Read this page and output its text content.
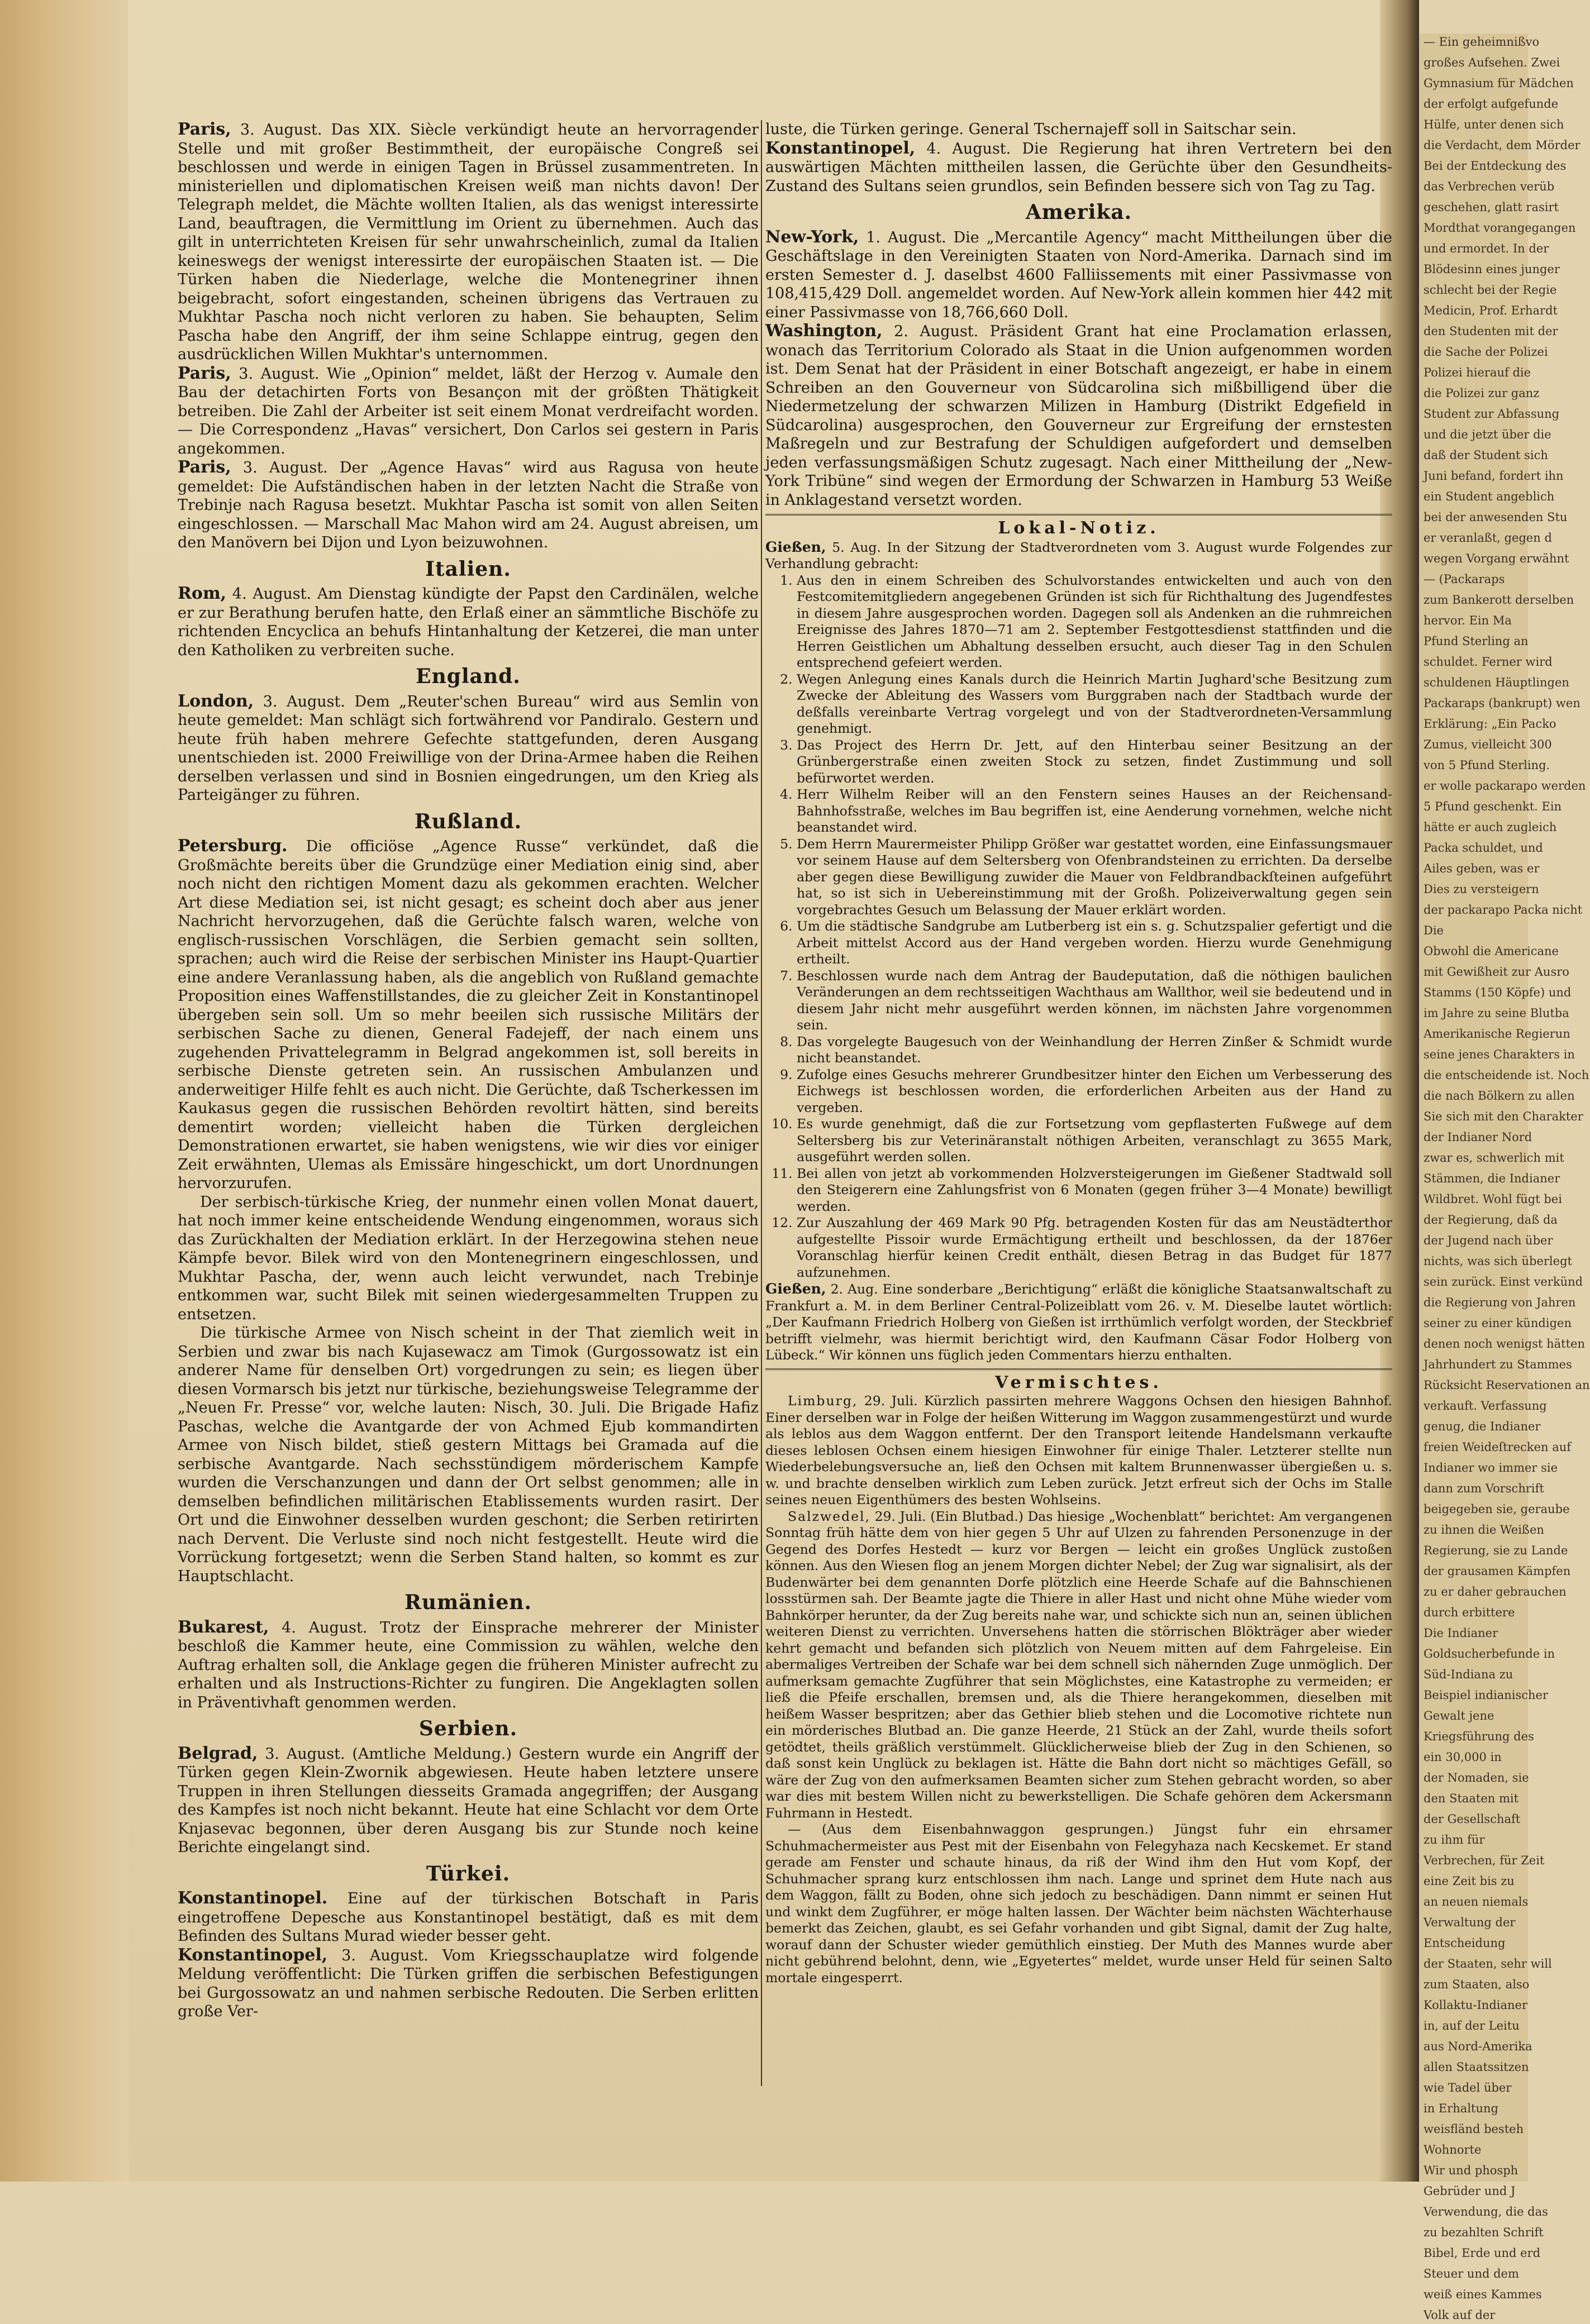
— Ein geheimnißvo

großes Aufsehen. Zwei

Gymnasium für Mädchen

der erfolgt aufgefunde

Hülfe, unter denen sich

die Verdacht, dem Mörder

Bei der Entdeckung des

das Verbrechen verüb

geschehen, glatt rasirt

Mordthat vorangegangen

und ermordet. In der

Blödesinn eines junger

schlecht bei der Regie

Medicin, Prof. Erhardt

den Studenten mit der

die Sache der Polizei

Polizei hierauf die

die Polizei zur ganz

Student zur Abfassung

und die jetzt über die

daß der Student sich

Juni befand, fordert ihn

ein Student angeblich

bei der anwesenden Stu

er veranlaßt, gegen d

wegen Vorgang erwähnt

— (Packaraps

zum Bankerott derselben

hervor. Ein Ma

Pfund Sterling an

schuldet. Ferner wird

schuldenen Häuptlingen

Packaraps (bankrupt) wen

Erklärung: „Ein Packo

Zumus, vielleicht 300

von 5 Pfund Sterling.

er wolle packarapo werden

5 Pfund geschenkt. Ein

hätte er auch zugleich

Packa schuldet, und

Ailes geben, was er

Dies zu versteigern

der packarapo Packa nicht

Die

Obwohl die Americane

mit Gewißheit zur Ausro

Stamms (150 Köpfe) und

im Jahre zu seine Blutba

Amerikanische Regierun

seine jenes Charakters in

die entscheidende ist. Noch

die nach Bölkern zu allen

Sie sich mit den Charakter

der Indianer Nord

zwar es, schwerlich mit

Stämmen, die Indianer

Wildbret. Wohl fügt bei

der Regierung, daß da

der Jugend nach über

nichts, was sich überlegt

sein zurück. Einst verkünd

die Regierung von Jahren

seiner zu einer kündigen

denen noch wenigst hätten

Jahrhundert zu Stammes

Rücksicht Reservationen an

verkauft. Verfassung

genug, die Indianer

freien Weideſtrecken auf

Indianer wo immer sie

dann zum Vorschrift

beigegeben sie, geraube

zu ihnen die Weißen

Regierung, sie zu Lande

der grausamen Kämpfen

zu er daher gebrauchen

durch erbittere

Die Indianer

Goldsucherbefunde in

Süd-Indiana zu

Beispiel indianischer

Gewalt jene

Kriegsführung des

ein 30,000 in

der Nomaden, sie

den Staaten mit

der Gesellschaft

zu ihm für

Verbrechen, für Zeit

eine Zeit bis zu

an neuen niemals

Verwaltung der

Entscheidung

der Staaten, sehr will

zum Staaten, also

Kollaktu-Indianer

in, auf der Leitu

aus Nord-Amerika

allen Staatssitzen

wie Tadel über

in Erhaltung

weisfländ besteh

Wohnorte

Wir und phosph

Gebrüder und J

Verwendung, die das

zu bezahlten Schrift

Bibel, Erde und erd

Steuer und dem

weiß eines Kammes

Volk auf der

Paris, 3. August. Das XIX. Siècle verkündigt heute an hervorragender Stelle und mit großer Bestimmtheit, der europäische Congreß sei beschlossen und werde in einigen Tagen in Brüssel zusammentreten. In ministeriellen und diplomatischen Kreisen weiß man nichts davon! Der Telegraph meldet, die Mächte wollten Italien, als das wenigst interessirte Land, beauftragen, die Vermittlung im Orient zu übernehmen. Auch das gilt in unterrichteten Kreisen für sehr unwahrscheinlich, zumal da Italien keineswegs der wenigst interessirte der europäischen Staaten ist. — Die Türken haben die Niederlage, welche die Montenegriner ihnen beigebracht, sofort eingestanden, scheinen übrigens das Vertrauen zu Mukhtar Pascha noch nicht verloren zu haben. Sie behaupten, Selim Pascha habe den Angriff, der ihm seine Schlappe eintrug, gegen den ausdrücklichen Willen Mukhtar's unternommen.

Paris, 3. August. Wie „Opinion“ meldet, läßt der Herzog v. Aumale den Bau der detachirten Forts von Besançon mit der größten Thätigkeit betreiben. Die Zahl der Arbeiter ist seit einem Monat verdreifacht worden. — Die Correspondenz „Havas“ versichert, Don Carlos sei gestern in Paris angekommen.

Paris, 3. August. Der „Agence Havas“ wird aus Ragusa von heute gemeldet: Die Aufständischen haben in der letzten Nacht die Straße von Trebinje nach Ragusa besetzt. Mukhtar Pascha ist somit von allen Seiten eingeschlossen. — Marschall Mac Mahon wird am 24. August abreisen, um den Manövern bei Dijon und Lyon beizuwohnen.

Italien.

Rom, 4. August. Am Dienstag kündigte der Papst den Cardinälen, welche er zur Berathung berufen hatte, den Erlaß einer an sämmtliche Bischöfe zu richtenden Encyclica an behufs Hintanhaltung der Ketzerei, die man unter den Katholiken zu verbreiten suche.

England.

London, 3. August. Dem „Reuter'schen Bureau“ wird aus Semlin von heute gemeldet: Man schlägt sich fortwährend vor Pandiralo. Gestern und heute früh haben mehrere Gefechte stattgefunden, deren Ausgang unentschieden ist. 2000 Freiwillige von der Drina-Armee haben die Reihen derselben verlassen und sind in Bosnien eingedrungen, um den Krieg als Parteigänger zu führen.

Rußland.

Petersburg. Die officiöse „Agence Russe“ verkündet, daß die Großmächte bereits über die Grundzüge einer Mediation einig sind, aber noch nicht den richtigen Moment dazu als gekommen erachten. Welcher Art diese Mediation sei, ist nicht gesagt; es scheint doch aber aus jener Nachricht hervorzugehen, daß die Gerüchte falsch waren, welche von englisch-russischen Vorschlägen, die Serbien gemacht sein sollten, sprachen; auch wird die Reise der serbischen Minister ins Haupt-Quartier eine andere Veranlassung haben, als die angeblich von Rußland gemachte Proposition eines Waffenstillstandes, die zu gleicher Zeit in Konstantinopel übergeben sein soll. Um so mehr beeilen sich russische Militärs der serbischen Sache zu dienen, General Fadejeff, der nach einem uns zugehenden Privattelegramm in Belgrad angekommen ist, soll bereits in serbische Dienste getreten sein. An russischen Ambulanzen und anderweitiger Hilfe fehlt es auch nicht. Die Gerüchte, daß Tscherkessen im Kaukasus gegen die russischen Behörden revoltirt hätten, sind bereits dementirt worden; vielleicht haben die Türken dergleichen Demonstrationen erwartet, sie haben wenigstens, wie wir dies vor einiger Zeit erwähnten, Ulemas als Emissäre hingeschickt, um dort Unordnungen hervorzurufen.

Der serbisch-türkische Krieg, der nunmehr einen vollen Monat dauert, hat noch immer keine entscheidende Wendung eingenommen, woraus sich das Zurückhalten der Mediation erklärt. In der Herzegowina stehen neue Kämpfe bevor. Bilek wird von den Montenegrinern eingeschlossen, und Mukhtar Pascha, der, wenn auch leicht verwundet, nach Trebinje entkommen war, sucht Bilek mit seinen wiedergesammelten Truppen zu entsetzen.

Die türkische Armee von Nisch scheint in der That ziemlich weit in Serbien und zwar bis nach Kujasewacz am Timok (Gurgossowatz ist ein anderer Name für denselben Ort) vorgedrungen zu sein; es liegen über diesen Vormarsch bis jetzt nur türkische, beziehungsweise Telegramme der „Neuen Fr. Presse“ vor, welche lauten: Nisch, 30. Juli. Die Brigade Hafiz Paschas, welche die Avantgarde der von Achmed Ejub kommandirten Armee von Nisch bildet, stieß gestern Mittags bei Gramada auf die serbische Avantgarde. Nach sechsstündigem mörderischem Kampfe wurden die Verschanzungen und dann der Ort selbst genommen; alle in demselben befindlichen militärischen Etablissements wurden rasirt. Der Ort und die Einwohner desselben wurden geschont; die Serben retirirten nach Dervent. Die Verluste sind noch nicht festgestellt. Heute wird die Vorrückung fortgesetzt; wenn die Serben Stand halten, so kommt es zur Hauptschlacht.

Rumänien.

Bukarest, 4. August. Trotz der Einsprache mehrerer der Minister beschloß die Kammer heute, eine Commission zu wählen, welche den Auftrag erhalten soll, die Anklage gegen die früheren Minister aufrecht zu erhalten und als Instructions-Richter zu fungiren. Die Angeklagten sollen in Präventivhaft genommen werden.

Serbien.

Belgrad, 3. August. (Amtliche Meldung.) Gestern wurde ein Angriff der Türken gegen Klein-Zwornik abgewiesen. Heute haben letztere unsere Truppen in ihren Stellungen diesseits Gramada angegriffen; der Ausgang des Kampfes ist noch nicht bekannt. Heute hat eine Schlacht vor dem Orte Knjasevac begonnen, über deren Ausgang bis zur Stunde noch keine Berichte eingelangt sind.

Türkei.

Konstantinopel. Eine auf der türkischen Botschaft in Paris eingetroffene Depesche aus Konstantinopel bestätigt, daß es mit dem Befinden des Sultans Murad wieder besser geht.

Konstantinopel, 3. August. Vom Kriegsschauplatze wird folgende Meldung veröffentlicht: Die Türken griffen die serbischen Befestigungen bei Gurgossowatz an und nahmen serbische Redouten. Die Serben erlitten große Ver-

luste, die Türken geringe. General Tschernajeff soll in Saitschar sein.

Konstantinopel, 4. August. Die Regierung hat ihren Vertretern bei den auswärtigen Mächten mittheilen lassen, die Gerüchte über den Gesundheits-Zustand des Sultans seien grundlos, sein Befinden bessere sich von Tag zu Tag.

Amerika.

New-York, 1. August. Die „Mercantile Agency“ macht Mittheilungen über die Geschäftslage in den Vereinigten Staaten von Nord-Amerika. Darnach sind im ersten Semester d. J. daselbst 4600 Falliissements mit einer Passivmasse von 108,415,429 Doll. angemeldet worden. Auf New-York allein kommen hier 442 mit einer Passivmasse von 18,766,660 Doll.

Washington, 2. August. Präsident Grant hat eine Proclamation erlassen, wonach das Territorium Colorado als Staat in die Union aufgenommen worden ist. Dem Senat hat der Präsident in einer Botschaft angezeigt, er habe in einem Schreiben an den Gouverneur von Südcarolina sich mißbilligend über die Niedermetzelung der schwarzen Milizen in Hamburg (Distrikt Edgefield in Südcarolina) ausgesprochen, den Gouverneur zur Ergreifung der ernstesten Maßregeln und zur Bestrafung der Schuldigen aufgefordert und demselben jeden verfassungsmäßigen Schutz zugesagt. Nach einer Mittheilung der „New-York Tribüne“ sind wegen der Ermordung der Schwarzen in Hamburg 53 Weiße in Anklagestand versetzt worden.

Lokal-Notiz.

Gießen, 5. Aug. In der Sitzung der Stadtverordneten vom 3. August wurde Folgendes zur Verhandlung gebracht:

1. Aus den in einem Schreiben des Schulvorstandes entwickelten und auch von den Festcomitemitgliedern angegebenen Gründen ist sich für Richthaltung des Jugendfestes in diesem Jahre ausgesprochen worden. Dagegen soll als Andenken an die ruhmreichen Ereignisse des Jahres 1870—71 am 2. September Festgottesdienst stattfinden und die Herren Geistlichen um Abhaltung desselben ersucht, auch dieser Tag in den Schulen entsprechend gefeiert werden.
2. Wegen Anlegung eines Kanals durch die Heinrich Martin Jughard'sche Besitzung zum Zwecke der Ableitung des Wassers vom Burggraben nach der Stadtbach wurde der deßfalls vereinbarte Vertrag vorgelegt und von der Stadtverordneten-Versammlung genehmigt.
3. Das Project des Herrn Dr. Jett, auf den Hinterbau seiner Besitzung an der Grünbergerstraße einen zweiten Stock zu setzen, findet Zustimmung und soll befürwortet werden.
4. Herr Wilhelm Reiber will an den Fenstern seines Hauses an der Reichensand-Bahnhofsstraße, welches im Bau begriffen ist, eine Aenderung vornehmen, welche nicht beanstandet wird.
5. Dem Herrn Maurermeister Philipp Größer war gestattet worden, eine Einfassungsmauer vor seinem Hause auf dem Seltersberg von Ofenbrandsteinen zu errichten. Da derselbe aber gegen diese Bewilligung zuwider die Mauer von Feldbrandbackſteinen aufgeführt hat, so ist sich in Uebereinstimmung mit der Großh. Polizeiverwaltung gegen sein vorgebrachtes Gesuch um Belassung der Mauer erklärt worden.
6. Um die städtische Sandgrube am Lutberberg ist ein s. g. Schutzspalier gefertigt und die Arbeit mittelst Accord aus der Hand vergeben worden. Hierzu wurde Genehmigung ertheilt.
7. Beschlossen wurde nach dem Antrag der Baudeputation, daß die nöthigen baulichen Veränderungen an dem rechtsseitigen Wachthaus am Wallthor, weil sie bedeutend und in diesem Jahr nicht mehr ausgeführt werden können, im nächsten Jahre vorgenommen sein.
8. Das vorgelegte Baugesuch von der Weinhandlung der Herren Zinßer & Schmidt wurde nicht beanstandet.
9. Zufolge eines Gesuchs mehrerer Grundbesitzer hinter den Eichen um Verbesserung des Eichwegs ist beschlossen worden, die erforderlichen Arbeiten aus der Hand zu vergeben.
10. Es wurde genehmigt, daß die zur Fortsetzung vom gepflasterten Fußwege auf dem Seltersberg bis zur Veterinäranstalt nöthigen Arbeiten, veranschlagt zu 3655 Mark, ausgeführt werden sollen.
11. Bei allen von jetzt ab vorkommenden Holzversteigerungen im Gießener Stadtwald soll den Steigerern eine Zahlungsfrist von 6 Monaten (gegen früher 3—4 Monate) bewilligt werden.
12. Zur Auszahlung der 469 Mark 90 Pfg. betragenden Kosten für das am Neustädterthor aufgestellte Pissoir wurde Ermächtigung ertheilt und beschlossen, da der 1876er Voranschlag hierfür keinen Credit enthält, diesen Betrag in das Budget für 1877 aufzunehmen.

Gießen, 2. Aug. Eine sonderbare „Berichtigung“ erläßt die königliche Staatsanwaltschaft zu Frankfurt a. M. in dem Berliner Central-Polizeiblatt vom 26. v. M. Dieselbe lautet wörtlich: „Der Kaufmann Friedrich Holberg von Gießen ist irrthümlich verfolgt worden, der Steckbrief betrifft vielmehr, was hiermit berichtigt wird, den Kaufmann Cäsar Fodor Holberg von Lübeck.“ Wir können uns füglich jeden Commentars hierzu enthalten.

Vermischtes.

Limburg, 29. Juli. Kürzlich passirten mehrere Waggons Ochsen den hiesigen Bahnhof. Einer derselben war in Folge der heißen Witterung im Waggon zusammengestürzt und wurde als leblos aus dem Waggon entfernt. Der den Transport leitende Handelsmann verkaufte dieses leblosen Ochsen einem hiesigen Einwohner für einige Thaler. Letzterer stellte nun Wiederbelebungsversuche an, ließ den Ochsen mit kaltem Brunnenwasser übergießen u. s. w. und brachte denselben wirklich zum Leben zurück. Jetzt erfreut sich der Ochs im Stalle seines neuen Eigenthümers des besten Wohlseins.

Salzwedel, 29. Juli. (Ein Blutbad.) Das hiesige „Wochenblatt“ berichtet: Am vergangenen Sonntag früh hätte dem von hier gegen 5 Uhr auf Ulzen zu fahrenden Personenzuge in der Gegend des Dorfes Hestedt — kurz vor Bergen — leicht ein großes Unglück zustoßen können. Aus den Wiesen flog an jenem Morgen dichter Nebel; der Zug war signalisirt, als der Budenwärter bei dem genannten Dorfe plötzlich eine Heerde Schafe auf die Bahnschienen lossstürmen sah. Der Beamte jagte die Thiere in aller Hast und nicht ohne Mühe wieder vom Bahnkörper herunter, da der Zug bereits nahe war, und schickte sich nun an, seinen üblichen weiteren Dienst zu verrichten. Unversehens hatten die störrischen Blökträger aber wieder kehrt gemacht und befanden sich plötzlich von Neuem mitten auf dem Fahrgeleise. Ein abermaliges Vertreiben der Schafe war bei dem schnell sich nähernden Zuge unmöglich. Der aufmerksam gemachte Zugführer that sein Möglichstes, eine Katastrophe zu vermeiden; er ließ die Pfeife erschallen, bremsen und, als die Thiere herangekommen, dieselben mit heißem Wasser bespritzen; aber das Gethier blieb stehen und die Locomotive richtete nun ein mörderisches Blutbad an. Die ganze Heerde, 21 Stück an der Zahl, wurde theils sofort getödtet, theils gräßlich verstümmelt. Glücklicherweise blieb der Zug in den Schienen, so daß sonst kein Unglück zu beklagen ist. Hätte die Bahn dort nicht so mächtiges Gefäll, so wäre der Zug von den aufmerksamen Beamten sicher zum Stehen gebracht worden, so aber war dies mit bestem Willen nicht zu bewerkstelligen. Die Schafe gehören dem Ackersmann Fuhrmann in Hestedt.

— (Aus dem Eisenbahnwaggon gesprungen.) Jüngst fuhr ein ehrsamer Schuhmachermeister aus Pest mit der Eisenbahn von Felegyhaza nach Kecskemet. Er stand gerade am Fenster und schaute hinaus, da riß der Wind ihm den Hut vom Kopf, der Schuhmacher sprang kurz entschlossen ihm nach. Lange und sprinet dem Hute nach aus dem Waggon, fällt zu Boden, ohne sich jedoch zu beschädigen. Dann nimmt er seinen Hut und winkt dem Zugführer, er möge halten lassen. Der Wächter beim nächsten Wächterhause bemerkt das Zeichen, glaubt, es sei Gefahr vorhanden und gibt Signal, damit der Zug halte, worauf dann der Schuster wieder gemüthlich einstieg. Der Muth des Mannes wurde aber nicht gebührend belohnt, denn, wie „Egyetertes“ meldet, wurde unser Held für seinen Salto mortale eingesperrt.
